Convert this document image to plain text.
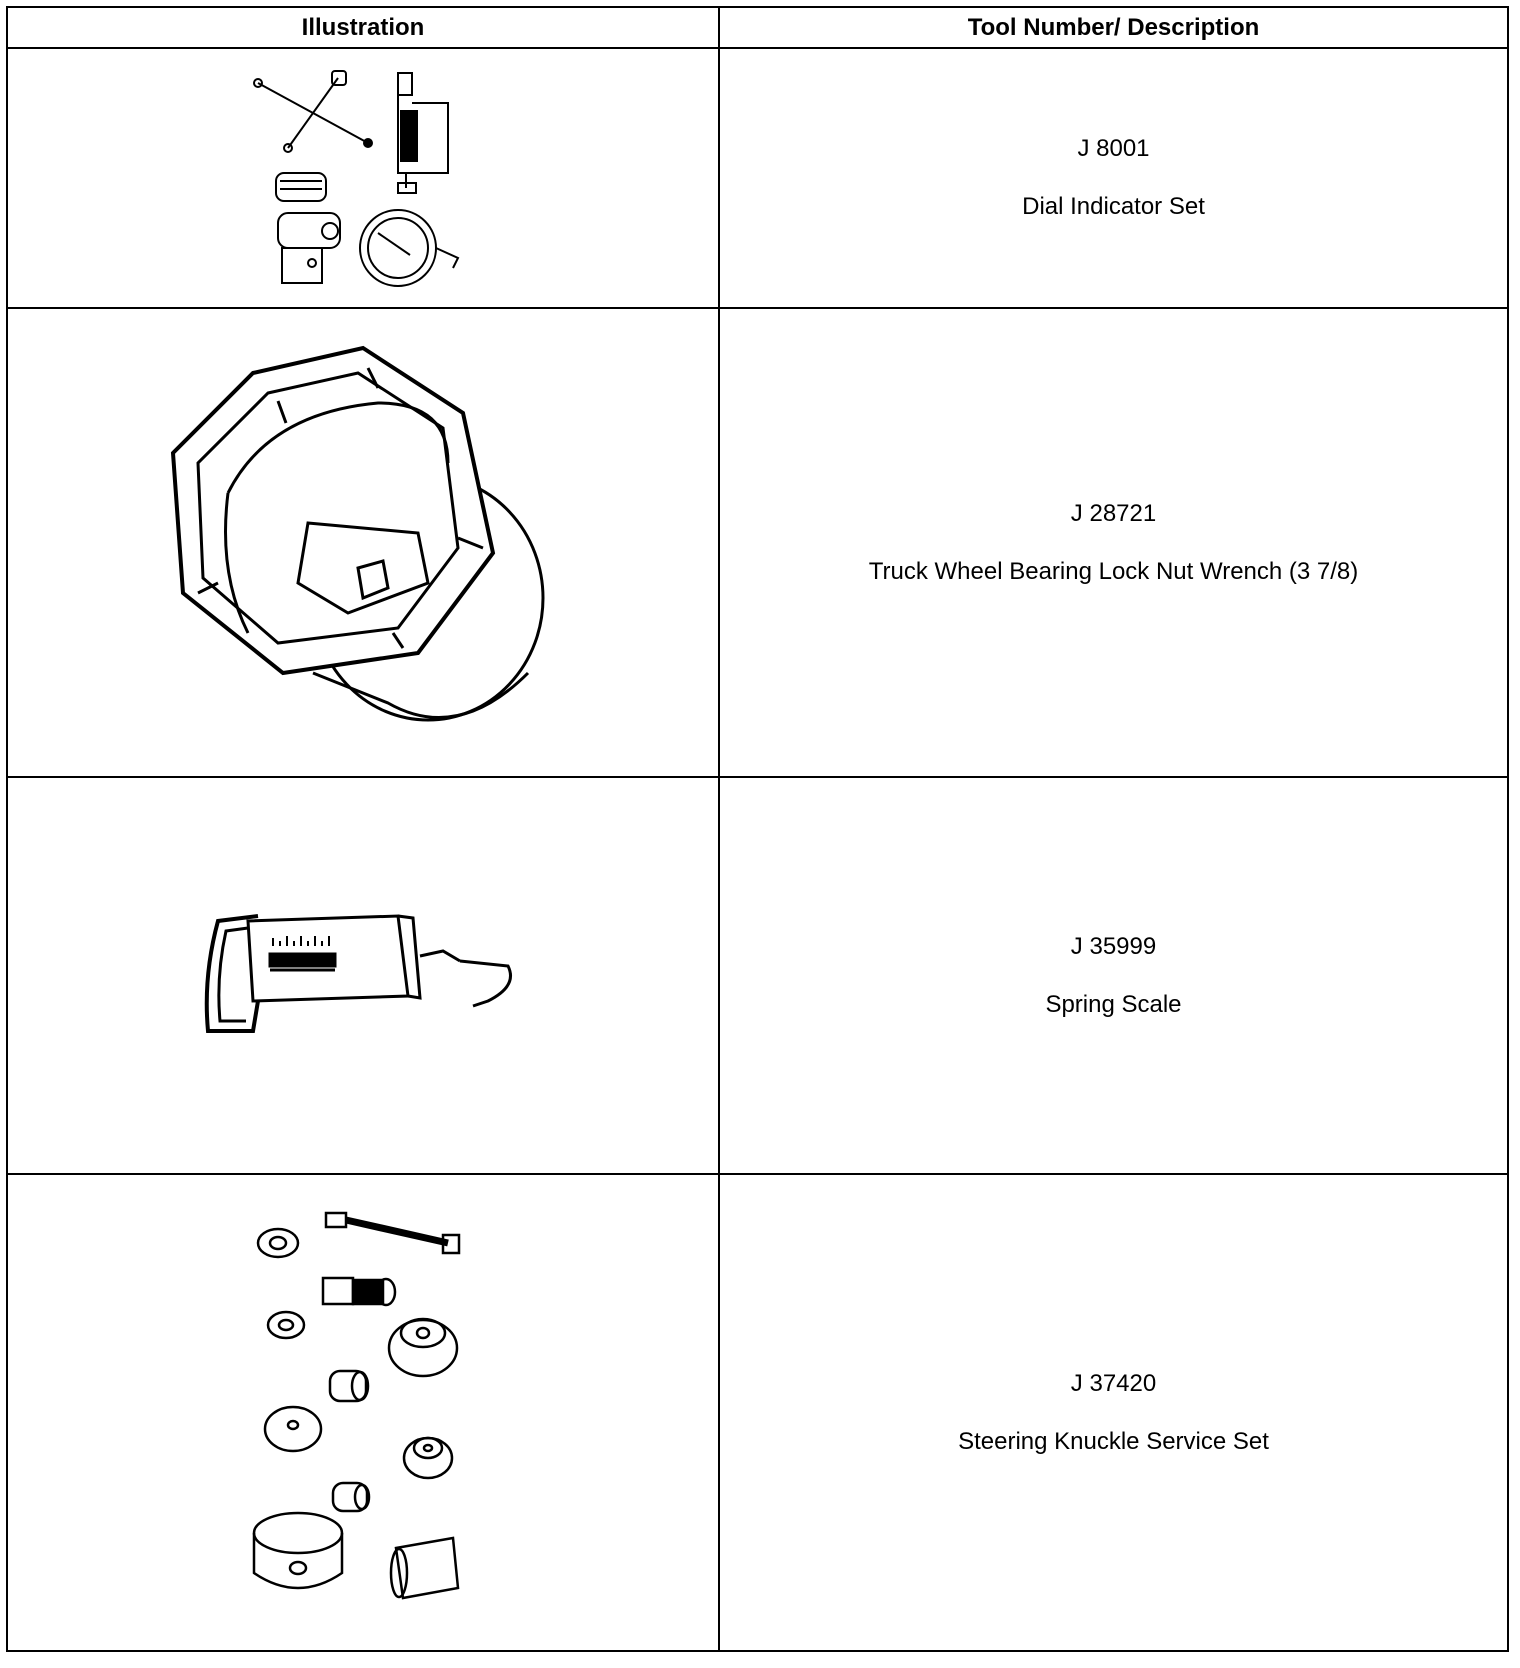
Illustration	Tool Number/ Description

J 8001
Dial Indicator Set

J 28721
Truck Wheel Bearing Lock Nut Wrench (3 7/8)

J 35999
Spring Scale

J 37420
Steering Knuckle Service Set
